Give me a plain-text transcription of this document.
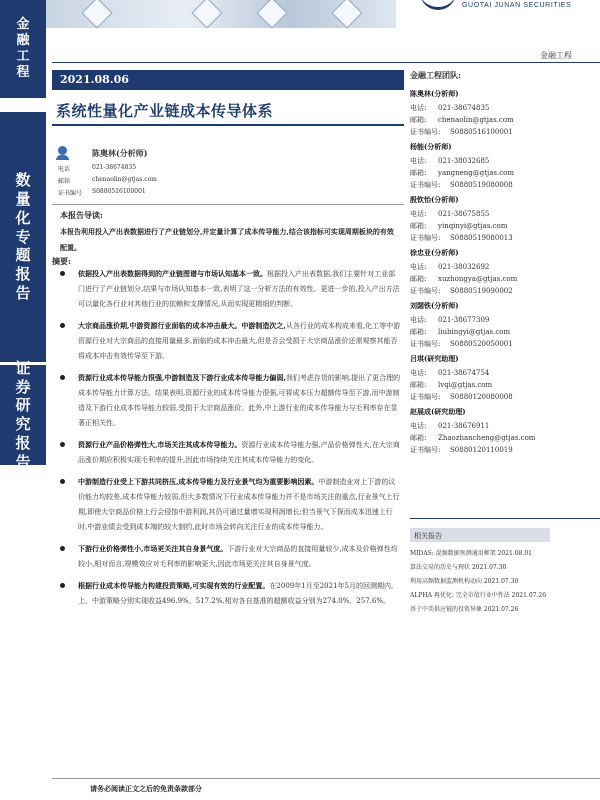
金
融
工
程
数
量
化
专
题
报
告
证
券
研
究
报
告
GUOTAI JUNAN SECURITIES
金融工程
2021.08.06
系统性量化产业链成本传导体系
陈奥林(分析师)
电话	021-38674835
邮箱	chenaolin@gtjas.com
证书编号 S0880516100001
本报告导读:
本报告利用投入产出表数据进行了产业链划分,并定量计算了成本传导能力,结合该指标可实现周期板块的有效配置。
摘要:
依据投入产出表数据得到的产业链图谱与市场认知基本一致。根据投入产出表数据,我们主要针对工业部门进行了产业链划分,结果与市场认知基本一致,表明了这一分析方法的有效性。更进一步的,投入产出方法可以量化各行业对其他行业的依赖和支撑情况,从而实现更精细的判断。
大宗商品涨价期,中游资源行业面临的成本冲击最大。中游制造次之,从各行业的成本构成来看,化工等中游资源行业对大宗商品的直接用量最多,面临的成本冲击最大,但是否会受损于大宗商品涨价还需观察其能否将成本冲击有效传导至下游。
资源行业成本传导能力很强,中游制造及下游行业成本传导能力偏弱,我们考虑存货的影响,提出了更合理的成本传导能力计算方法。结果表明,资源行业的成本传导能力很强,可将成本压力超额传导至下游,而中游制造及下游行业成本传导能力较弱,受损于大宗商品涨价。此外,中上游行业的成本传导能力与毛利率存在显著正相关性。
资源行业产品价格弹性大,市场关注其成本传导能力。资源行业成本传导能力强,产品价格弹性大,在大宗商品涨价期应积极实现毛利率的提升,因此市场持续关注其成本传导能力的变化。
中游制造行业受上下游共同挤压,成本传导能力及行业景气均为重要影响因素。中游制造业对上下游的议价能力均较差,成本传导能力较弱,但大多数情况下行业成本传导能力并不是市场关注的重点,行业景气上行期,即使大宗商品价格上行会侵蚀中游利润,其仍可通过量增实现利润增长;但当景气下探而成本迅速上行时,中游业绩会受到成本端的较大制约,此时市场会转向关注行业的成本传导能力。
下游行业价格弹性小,市场更关注其自身景气度。下游行业对大宗商品的直接用量较少,成本及价格弹性均较小,相对而言,规模效应对毛利率的影响更大,因此市场更关注其自身景气度。
根据行业成本传导能力构建投资策略,可实现有效的行业配置。在2009年1月至2021年5月的回测期内,上、中游策略分别实现收益496.9%、517.2%,相对各自基准的超额收益分别为274.0%、257.6%。
金融工程团队:
陈奥林(分析师)
电话: 021-38674835
邮箱: chenaolin@gtjas.com
证书编号: S0880516100001
杨能(分析师)
电话: 021-38032685
邮箱: yangneng@gtjas.com
证书编号: S0880519080008
殷钦怡(分析师)
电话: 021-38675855
邮箱: yinqinyi@gtjas.com
证书编号: S0880519080013
徐忠亚(分析师)
电话: 021-38032692
邮箱: xuzhongya@gtjas.com
证书编号: S0880519090002
刘閟铁(分析师)
电话: 021-38677309
邮箱: liubingyi@gtjas.com
证书编号: S0880520050001
吕琪(研究助理)
电话: 021-38674754
邮箱: lvqi@gtjas.com
证书编号: S0880120080008
赵展成(研究助理)
电话: 021-38676911
邮箱: Zhaozhancheng@gtjas.com
证书编号: S0880120110019
相关报告
MIDAS: 混频数据预测通用框架 2021.08.01
算法交易的历史与现状 2021.07.30
利用高频数据监测机构动向 2021.07.30
ALPHA 再优化: 完全市值行业中性法 2021.07.26
基于中美供应链的投资异象 2021.07.26
请务必阅读正文之后的免责条款部分
